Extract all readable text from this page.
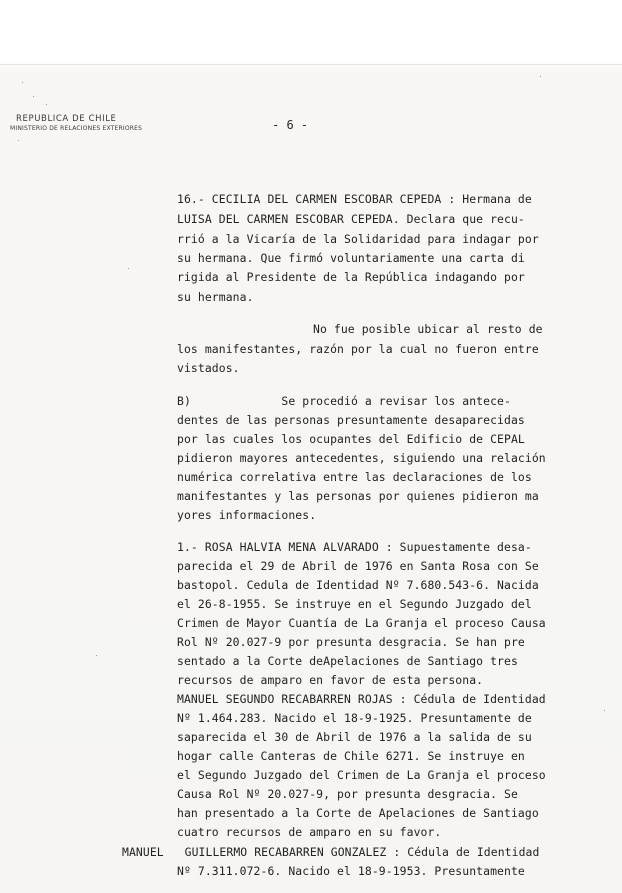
REPUBLICA DE CHILE
MINISTERIO DE RELACIONES EXTERIORES	- 6 -
16.- CECILIA DEL CARMEN ESCOBAR CEPEDA : Hermana de
LUISA DEL CARMEN ESCOBAR CEPEDA. Declara que recu-
rrió a la Vicaría de la Solidaridad para indagar por
su hermana. Que firmó voluntariamente una carta di
rigida al Presidente de la República indagando por
su hermana.
No fue posible ubicar al resto de
los manifestantes, razón por la cual no fueron entre
vistados.
B)             Se procedió a revisar los antece-
dentes de las personas presuntamente desaparecidas
por las cuales los ocupantes del Edificio de CEPAL
pidieron mayores antecedentes, siguiendo una relación
numérica correlativa entre las declaraciones de los
manifestantes y las personas por quienes pidieron ma
yores informaciones.
1.- ROSA HALVIA MENA ALVARADO : Supuestamente desa-
parecida el 29 de Abril de 1976 en Santa Rosa con Se
bastopol. Cedula de Identidad Nº 7.680.543-6. Nacida
el 26-8-1955. Se instruye en el Segundo Juzgado del
Crimen de Mayor Cuantía de La Granja el proceso Causa
Rol Nº 20.027-9 por presunta desgracia. Se han pre
sentado a la Corte deApelaciones de Santiago tres
recursos de amparo en favor de esta persona.
MANUEL SEGUNDO RECABARREN ROJAS : Cédula de Identidad
Nº 1.464.283. Nacido el 18-9-1925. Presuntamente de
saparecida el 30 de Abril de 1976 a la salida de su
hogar calle Canteras de Chile 6271. Se instruye en
el Segundo Juzgado del Crimen de La Granja el proceso
Causa Rol Nº 20.027-9, por presunta desgracia. Se
han presentado a la Corte de Apelaciones de Santiago
cuatro recursos de amparo en su favor.
MANUEL   GUILLERMO RECABARREN GONZALEZ : Cédula de Identidad
Nº 7.311.072-6. Nacido el 18-9-1953. Presuntamente
